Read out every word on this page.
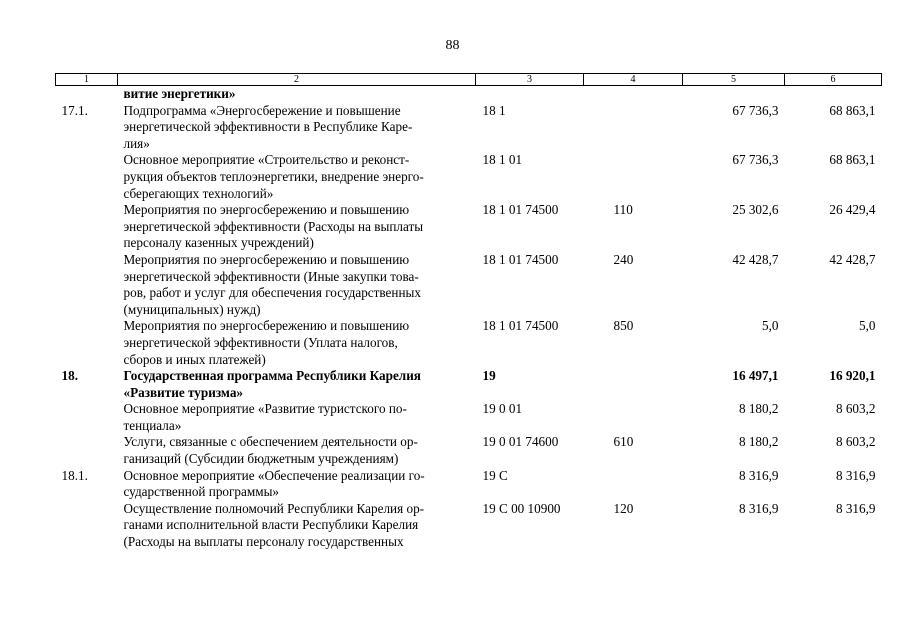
88
1	2	3	4	5	6
	витие энергетики»				
17.1.	Подпрограмма «Энергосбережение и повышение
энергетической эффективности в Республике Каре-
лия»	18 1		67 736,3	68 863,1

	Основное мероприятие «Строительство и реконст-
рукция объектов теплоэнергетики, внедрение энерго-
сберегающих технологий»	18 1 01		67 736,3	68 863,1

	Мероприятия по энергосбережению и повышению
энергетической эффективности (Расходы на выплаты
персоналу казенных учреждений)	18 1 01 74500	110	25 302,6	26 429,4

	Мероприятия по энергосбережению и повышению
энергетической эффективности (Иные закупки това-
ров, работ и услуг для обеспечения государственных
(муниципальных) нужд)	18 1 01 74500	240	42 428,7	42 428,7

	Мероприятия по энергосбережению и повышению
энергетической эффективности (Уплата налогов,
сборов и иных платежей)	18 1 01 74500	850	5,0	5,0
18.	Государственная программа Республики Карелия
«Развитие туризма»	19		16 497,1	16 920,1

	Основное мероприятие «Развитие туристского по-
тенциала»	19 0 01		8 180,2	8 603,2

	Услуги, связанные с обеспечением деятельности ор-
ганизаций (Субсидии бюджетным учреждениям)	19 0 01 74600	610	8 180,2	8 603,2
18.1.	Основное мероприятие «Обеспечение реализации го-
сударственной программы»	19 С		8 316,9	8 316,9

	Осуществление полномочий Республики Карелия ор-
ганами исполнительной власти Республики Карелия
(Расходы на выплаты персоналу государственных	19 С 00 10900	120	8 316,9	8 316,9
